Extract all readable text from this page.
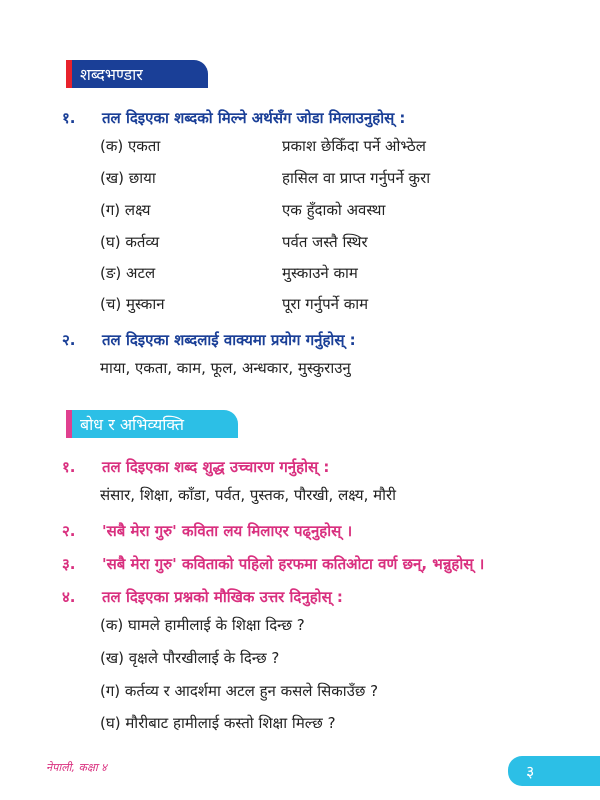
शब्दभण्डार
१. तल दिइएका शब्दको मिल्ने अर्थसँग जोडा मिलाउनुहोस् :
(क) एकता	प्रकाश छेकिँदा पर्ने ओभ्ठेल
(ख) छाया	हासिल वा प्राप्त गर्नुपर्ने कुरा
(ग) लक्ष्य	एक हुँदाको अवस्था
(घ) कर्तव्य	पर्वत जस्तै स्थिर
(ङ) अटल	मुस्काउने काम
(च) मुस्कान	पूरा गर्नुपर्ने काम
२. तल दिइएका शब्दलाई वाक्यमा प्रयोग गर्नुहोस् :
माया, एकता, काम, फूल, अन्धकार, मुस्कुराउनु
बोध र अभिव्यक्ति
१. तल दिइएका शब्द शुद्ध उच्चारण गर्नुहोस् :
संसार, शिक्षा, काँडा, पर्वत, पुस्तक, पौरखी, लक्ष्य, मौरी
२. 'सबै मेरा गुरु' कविता लय मिलाएर पढ्नुहोस् ।
३. 'सबै मेरा गुरु' कविताको पहिलो हरफमा कतिओटा वर्ण छन्, भन्नुहोस् ।
४. तल दिइएका प्रश्नको मौखिक उत्तर दिनुहोस् :
(क) घामले हामीलाई के शिक्षा दिन्छ ?
(ख) वृक्षले पौरखीलाई के दिन्छ ?
(ग) कर्तव्य र आदर्शमा अटल हुन कसले सिकाउँछ ?
(घ) मौरीबाट हामीलाई कस्तो शिक्षा मिल्छ ?
नेपाली, कक्षा ४	३
